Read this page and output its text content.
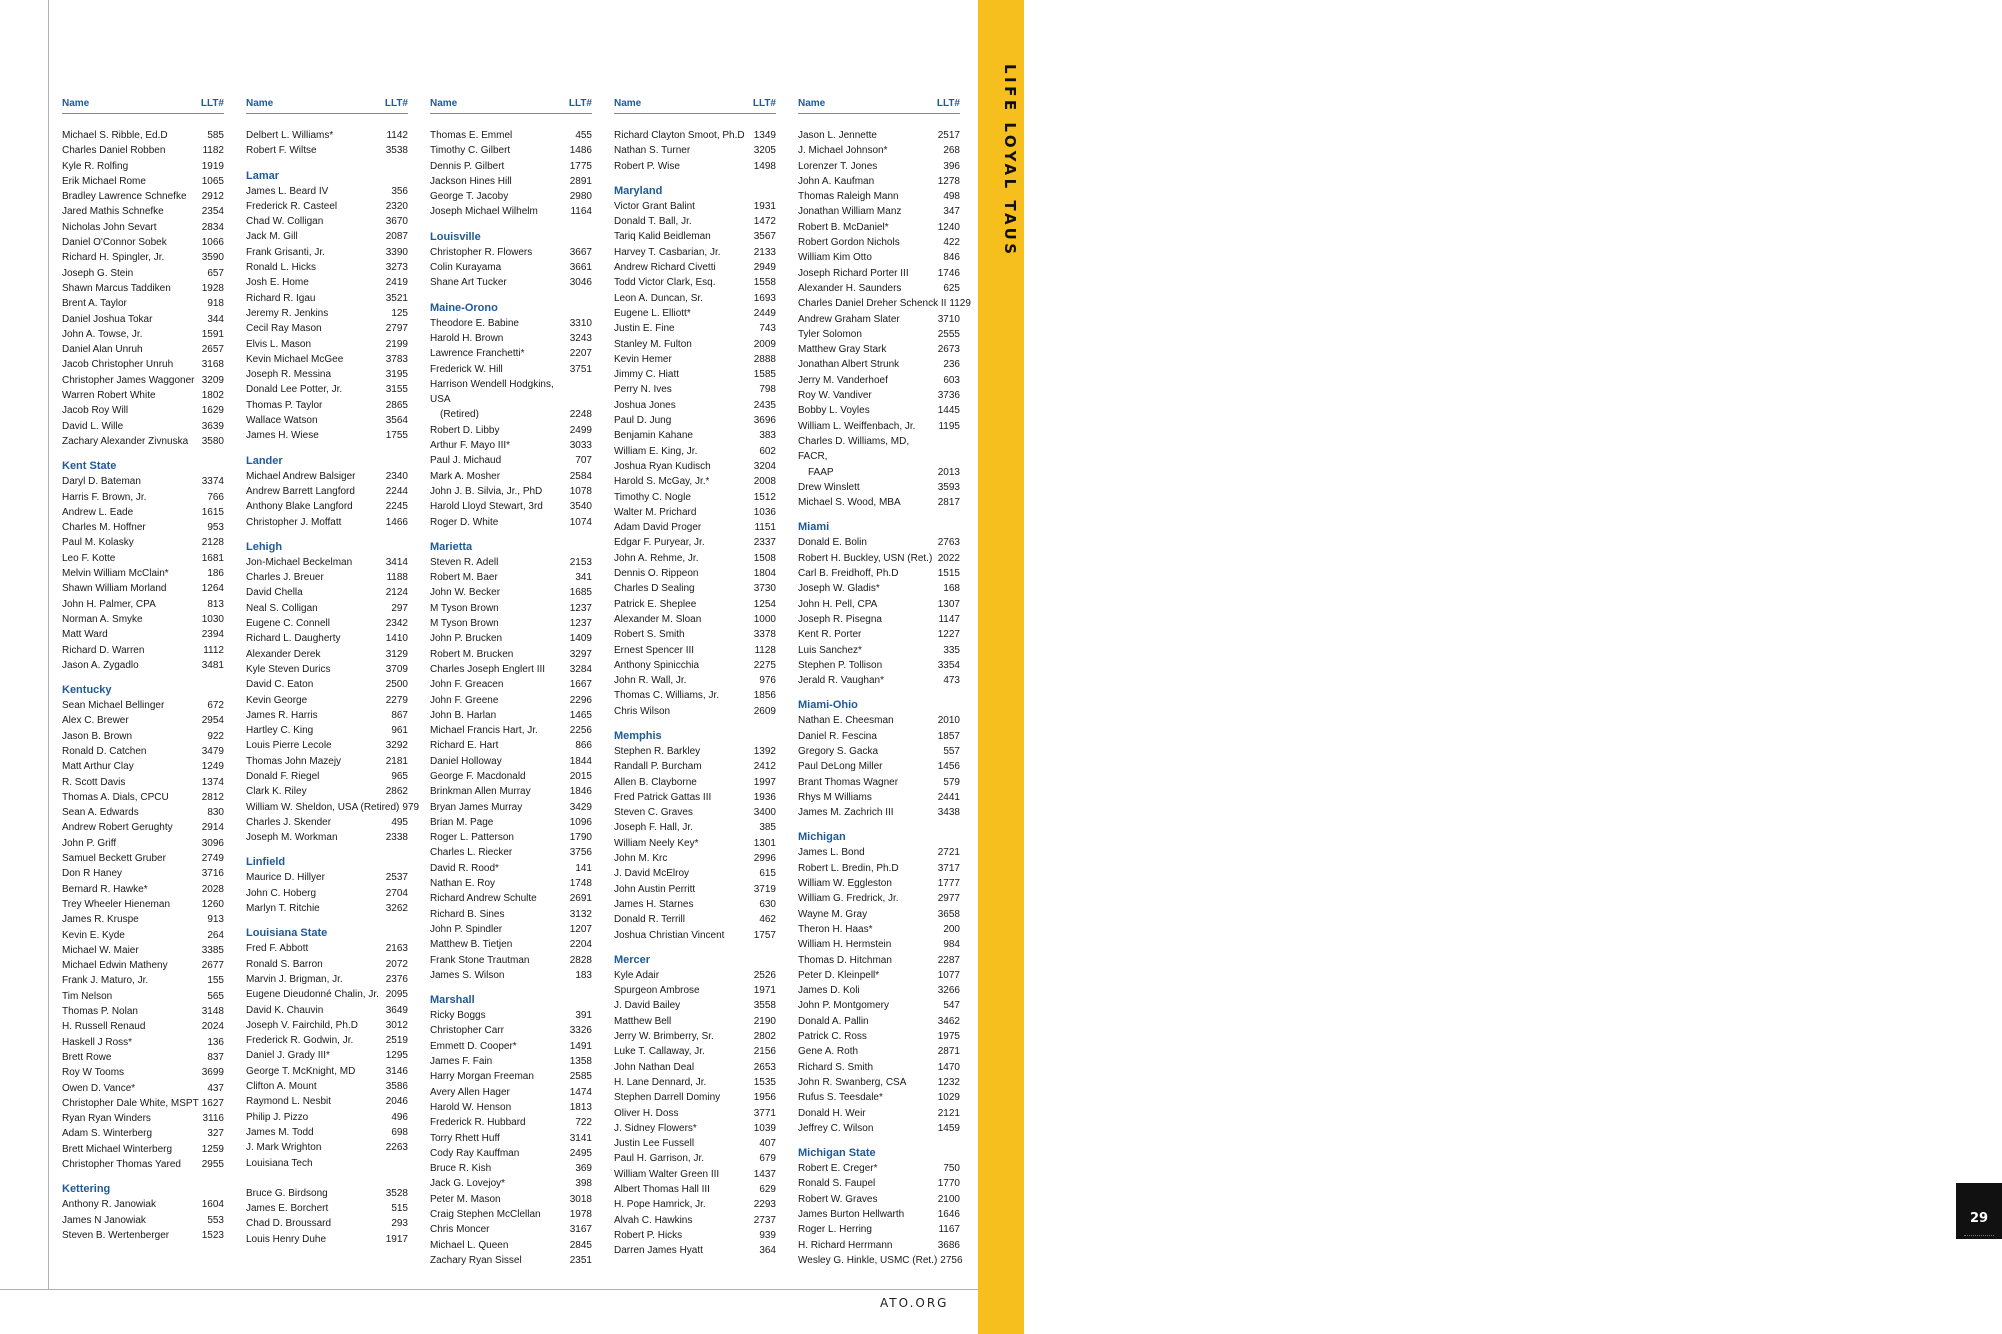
Name	LLT#
Michael S. Ribble, Ed.D	585
Charles Daniel Robben	1182
Kyle R. Rolfing	1919
Erik Michael Rome	1065
Bradley Lawrence Schnefke	2912
Jared Mathis Schnefke	2354
Nicholas John Sevart	2834
Daniel O'Connor Sobek	1066
Richard H. Spingler, Jr.	3590
Joseph G. Stein	657
Shawn Marcus Taddiken	1928
Brent A. Taylor	918
Daniel Joshua Tokar	344
John A. Towse, Jr.	1591
Daniel Alan Unruh	2657
Jacob Christopher Unruh	3168
Christopher James Waggoner 3209
Warren Robert White	1802
Jacob Roy Will	1629
David L. Wille	3639
Zachary Alexander Zivnuska	3580
Kent State
Daryl D. Bateman	3374
Harris F. Brown, Jr.	766
Andrew L. Eade	1615
Charles M. Hoffner	953
Paul M. Kolasky	2128
Leo F. Kotte	1681
Melvin William McClain*	186
Shawn William Morland	1264
John H. Palmer, CPA	813
Norman A. Smyke	1030
Matt Ward	2394
Richard D. Warren	1112
Jason A. Zygadlo	3481
Kentucky
Sean Michael Bellinger	672
Alex C. Brewer	2954
Jason B. Brown	922
Ronald D. Catchen	3479
Matt Arthur Clay	1249
R. Scott Davis	1374
Thomas A. Dials, CPCU	2812
Sean A. Edwards	830
Andrew Robert Gerughty	2914
John P. Griff	3096
Samuel Beckett Gruber	2749
Don R Haney	3716
Bernard R. Hawke*	2028
Trey Wheeler Hieneman	1260
James R. Kruspe	913
Kevin E. Kyde	264
Michael W. Maier	3385
Michael Edwin Matheny	2677
Frank J. Maturo, Jr.	155
Tim Nelson	565
Thomas P. Nolan	3148
H. Russell Renaud	2024
Haskell J Ross*	136
Brett Rowe	837
Roy W Tooms	3699
Owen D. Vance*	437
Christopher Dale White, MSPT 1627
Ryan Ryan Winders	3116
Adam S. Winterberg	327
Brett Michael Winterberg	1259
Christopher Thomas Yared	2955
Kettering
Anthony R. Janowiak	1604
James N Janowiak	553
Steven B. Wertenberger	1523
Name	LLT#
Delbert L. Williams*	1142
Robert F. Wiltse	3538
Lamar
James L. Beard IV	356
Frederick R. Casteel	2320
Chad W. Colligan	3670
Jack M. Gill	2087
Frank Grisanti, Jr.	3390
Ronald L. Hicks	3273
Josh E. Home	2419
Richard R. Igau	3521
Jeremy R. Jenkins	125
Cecil Ray Mason	2797
Elvis L. Mason	2199
Kevin Michael McGee	3783
Joseph R. Messina	3195
Donald Lee Potter, Jr.	3155
Thomas P. Taylor	2865
Wallace Watson	3564
James H. Wiese	1755
Lander
Michael Andrew Balsiger	2340
Andrew Barrett Langford	2244
Anthony Blake Langford	2245
Christopher J. Moffatt	1466
Lehigh
Jon-Michael Beckelman	3414
Charles J. Breuer	1188
David Chella	2124
Neal S. Colligan	297
Eugene C. Connell	2342
Richard L. Daugherty	1410
Alexander Derek	3129
Kyle Steven Durics	3709
David C. Eaton	2500
Kevin George	2279
James R. Harris	867
Hartley C. King	961
Louis Pierre Lecole	3292
Thomas John Mazejy	2181
Donald F. Riegel	965
Clark K. Riley	2862
William W. Sheldon, USA (Retired) 979
Charles J. Skender	495
Joseph M. Workman	2338
Linfield
Maurice D. Hillyer	2537
John C. Hoberg	2704
Marlyn T. Ritchie	3262
Louisiana State
Fred F. Abbott	2163
Ronald S. Barron	2072
Marvin J. Brigman, Jr.	2376
Eugene Dieudonné Chalin, Jr. 2095
David K. Chauvin	3649
Joseph V. Fairchild, Ph.D	3012
Frederick R. Godwin, Jr.	2519
Daniel J. Grady III*	1295
George T. McKnight, MD	3146
Clifton A. Mount	3586
Raymond L. Nesbit	2046
Philip J. Pizzo	496
James M. Todd	698
J. Mark Wrighton	2263
Louisiana Tech
Bruce G. Birdsong	3528
James E. Borchert	515
Chad D. Broussard	293
Louis Henry Duhe	1917
Name	LLT#
Thomas E. Emmel	455
Timothy C. Gilbert	1486
Dennis P. Gilbert	1775
Jackson Hines Hill	2891
George T. Jacoby	2980
Joseph Michael Wilhelm	1164
Louisville
Christopher R. Flowers	3667
Colin Kurayama	3661
Shane Art Tucker	3046
Maine-Orono
Theodore E. Babine	3310
Harold H. Brown	3243
Lawrence Franchetti*	2207
Frederick W. Hill	3751
Harrison Wendell Hodgkins, USA
(Retired)	2248
Robert D. Libby	2499
Arthur F. Mayo III*	3033
Paul J. Michaud	707
Mark A. Mosher	2584
John J. B. Silvia, Jr., PhD	1078
Harold Lloyd Stewart, 3rd	3540
Roger D. White	1074
Marietta
Steven R. Adell	2153
Robert M. Baer	341
John W. Becker	1685
M Tyson Brown	1237
M Tyson Brown	1237
John P. Brucken	1409
Robert M. Brucken	3297
Charles Joseph Englert III	3284
John F. Greacen	1667
John F. Greene	2296
John B. Harlan	1465
Michael Francis Hart, Jr.	2256
Richard E. Hart	866
Daniel Holloway	1844
George F. Macdonald	2015
Brinkman Allen Murray	1846
Bryan James Murray	3429
Brian M. Page	1096
Roger L. Patterson	1790
Charles L. Riecker	3756
David R. Rood*	141
Nathan E. Roy	1748
Richard Andrew Schulte	2691
Richard B. Sines	3132
John P. Spindler	1207
Matthew B. Tietjen	2204
Frank Stone Trautman	2828
James S. Wilson	183
Marshall
Ricky Boggs	391
Christopher Carr	3326
Emmett D. Cooper*	1491
James F. Fain	1358
Harry Morgan Freeman	2585
Avery Allen Hager	1474
Harold W. Henson	1813
Frederick R. Hubbard	722
Torry Rhett Huff	3141
Cody Ray Kauffman	2495
Bruce R. Kish	369
Jack G. Lovejoy*	398
Peter M. Mason	3018
Craig Stephen McClellan	1978
Chris Moncer	3167
Michael L. Queen	2845
Zachary Ryan Sissel	2351
Name	LLT#
Richard Clayton Smoot, Ph.D 1349
Nathan S. Turner	3205
Robert P. Wise	1498
Maryland
Victor Grant Balint	1931
Donald T. Ball, Jr.	1472
Tariq Kalid Beidleman	3567
Harvey T. Casbarian, Jr.	2133
Andrew Richard Civetti	2949
Todd Victor Clark, Esq.	1558
Leon A. Duncan, Sr.	1693
Eugene L. Elliott*	2449
Justin E. Fine	743
Stanley M. Fulton	2009
Kevin Hemer	2888
Jimmy C. Hiatt	1585
Perry N. Ives	798
Joshua Jones	2435
Paul D. Jung	3696
Benjamin Kahane	383
William E. King, Jr.	602
Joshua Ryan Kudisch	3204
Harold S. McGay, Jr.*	2008
Timothy C. Nogle	1512
Walter M. Prichard	1036
Adam David Proger	1151
Edgar F. Puryear, Jr.	2337
John A. Rehme, Jr.	1508
Dennis O. Rippeon	1804
Charles D Sealing	3730
Patrick E. Sheplee	1254
Alexander M. Sloan	1000
Robert S. Smith	3378
Ernest Spencer III	1128
Anthony Spinicchia	2275
John R. Wall, Jr.	976
Thomas C. Williams, Jr.	1856
Chris Wilson	2609
Memphis
Stephen R. Barkley	1392
Randall P. Burcham	2412
Allen B. Clayborne	1997
Fred Patrick Gattas III	1936
Steven C. Graves	3400
Joseph F. Hall, Jr.	385
William Neely Key*	1301
John M. Krc	2996
J. David McElroy	615
John Austin Perritt	3719
James H. Starnes	630
Donald R. Terrill	462
Joshua Christian Vincent	1757
Mercer
Kyle Adair	2526
Spurgeon Ambrose	1971
J. David Bailey	3558
Matthew Bell	2190
Jerry W. Brimberry, Sr.	2802
Luke T. Callaway, Jr.	2156
John Nathan Deal	2653
H. Lane Dennard, Jr.	1535
Stephen Darrell Dominy	1956
Oliver H. Doss	3771
J. Sidney Flowers*	1039
Justin Lee Fussell	407
Paul H. Garrison, Jr.	679
William Walter Green III	1437
Albert Thomas Hall III	629
H. Pope Hamrick, Jr.	2293
Alvah C. Hawkins	2737
Robert P. Hicks	939
Darren James Hyatt	364
Name	LLT#
Jason L. Jennette	2517
J. Michael Johnson*	268
Lorenzer T. Jones	396
John A. Kaufman	1278
Thomas Raleigh Mann	498
Jonathan William Manz	347
Robert B. McDaniel*	1240
Robert Gordon Nichols	422
William Kim Otto	846
Joseph Richard Porter III	1746
Alexander H. Saunders	625
Charles Daniel Dreher Schenck II 1129
Andrew Graham Slater	3710
Tyler Solomon	2555
Matthew Gray Stark	2673
Jonathan Albert Strunk	236
Jerry M. Vanderhoef	603
Roy W. Vandiver	3736
Bobby L. Voyles	1445
William L. Weiffenbach, Jr.	1195
Charles D. Williams, MD, FACR,
FAAP	2013
Drew Winslett	3593
Michael S. Wood, MBA	2817
Miami
Donald E. Bolin	2763
Robert H. Buckley, USN (Ret.) 2022
Carl B. Freidhoff, Ph.D	1515
Joseph W. Gladis*	168
John H. Pell, CPA	1307
Joseph R. Pisegna	1147
Kent R. Porter	1227
Luis Sanchez*	335
Stephen P. Tollison	3354
Jerald R. Vaughan*	473
Miami-Ohio
Nathan E. Cheesman	2010
Daniel R. Fescina	1857
Gregory S. Gacka	557
Paul DeLong Miller	1456
Brant Thomas Wagner	579
Rhys M Williams	2441
James M. Zachrich III	3438
Michigan
James L. Bond	2721
Robert L. Bredin, Ph.D	3717
William W. Eggleston	1777
William G. Fredrick, Jr.	2977
Wayne M. Gray	3658
Theron H. Haas*	200
William H. Hermstein	984
Thomas D. Hitchman	2287
Peter D. Kleinpell*	1077
James D. Koli	3266
John P. Montgomery	547
Donald A. Pallin	3462
Patrick C. Ross	1975
Gene A. Roth	2871
Richard S. Smith	1470
John R. Swanberg, CSA	1232
Rufus S. Teesdale*	1029
Donald H. Weir	2121
Jeffrey C. Wilson	1459
Michigan State
Robert E. Creger*	750
Ronald S. Faupel	1770
Robert W. Graves	2100
James Burton Hellwarth	1646
Roger L. Herring	1167
H. Richard Herrmann	3686
Wesley G. Hinkle, USMC (Ret.) 2756
29
LIFE LOYAL TAUS
ATO.ORG
